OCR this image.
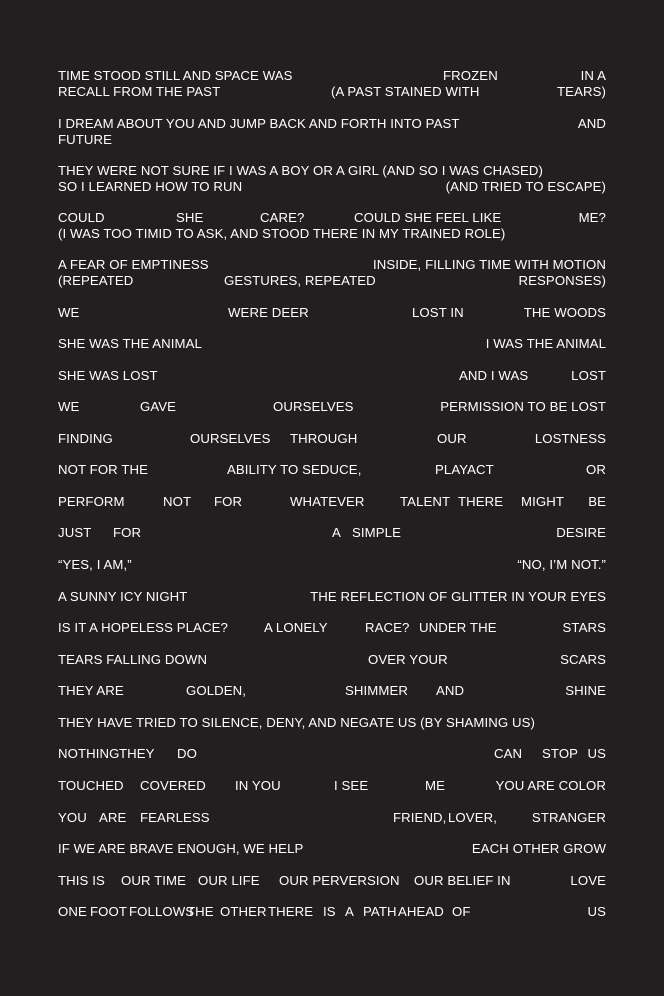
TIME STOOD STILL AND SPACE WAS	FROZEN	IN A
RECALL FROM THE PAST	(A PAST STAINED WITH	TEARS)
I DREAM ABOUT YOU AND JUMP BACK AND FORTH INTO PAST	AND
FUTURE
THEY WERE NOT SURE IF I WAS A BOY OR A GIRL (AND SO I WAS CHASED)
SO I LEARNED HOW TO RUN	(AND TRIED TO ESCAPE)
COULD	SHE	CARE?	COULD SHE FEEL LIKE	ME?
(I WAS TOO TIMID TO ASK, AND STOOD THERE IN MY TRAINED ROLE)
A FEAR OF EMPTINESS	INSIDE, FILLING TIME WITH MOTION
(REPEATED	GESTURES, REPEATED	RESPONSES)
WE	WERE DEER	LOST IN	THE WOODS
SHE WAS THE ANIMAL	I WAS THE ANIMAL
SHE WAS LOST	AND I WAS	LOST
WE	GAVE	OURSELVES	PERMISSION TO BE LOST
FINDING	OURSELVES THROUGH	OUR	LOSTNESS
NOT FOR THE	ABILITY TO SEDUCE,	PLAYACT	OR
PERFORM	NOT FOR	WHATEVER	TALENT THERE MIGHT BE
JUST FOR	A SIMPLE	DESIRE
“YES, I AM,”	“NO, I’M NOT.”
A SUNNY ICY NIGHT	THE REFLECTION OF GLITTER IN YOUR EYES
IS IT A HOPELESS PLACE?	A LONELY	RACE? UNDER THE	STARS
TEARS FALLING DOWN	OVER YOUR	SCARS
THEY ARE	GOLDEN,	SHIMMER AND	SHINE
THEY HAVE TRIED TO SILENCE, DENY, AND NEGATE US (BY SHAMING US)
NOTHING THEY DO	CAN STOP US
TOUCHED COVERED IN YOU	I SEE	ME	YOU ARE COLOR
YOU ARE FEARLESS	FRIEND, LOVER,	STRANGER
IF WE ARE BRAVE ENOUGH, WE HELP	EACH OTHER GROW
THIS IS OUR TIME OUR LIFE OUR PERVERSION OUR BELIEF IN	LOVE
ONE FOOT FOLLOWS
THE OTHER THERE IS A PATH AHEAD OF	US
